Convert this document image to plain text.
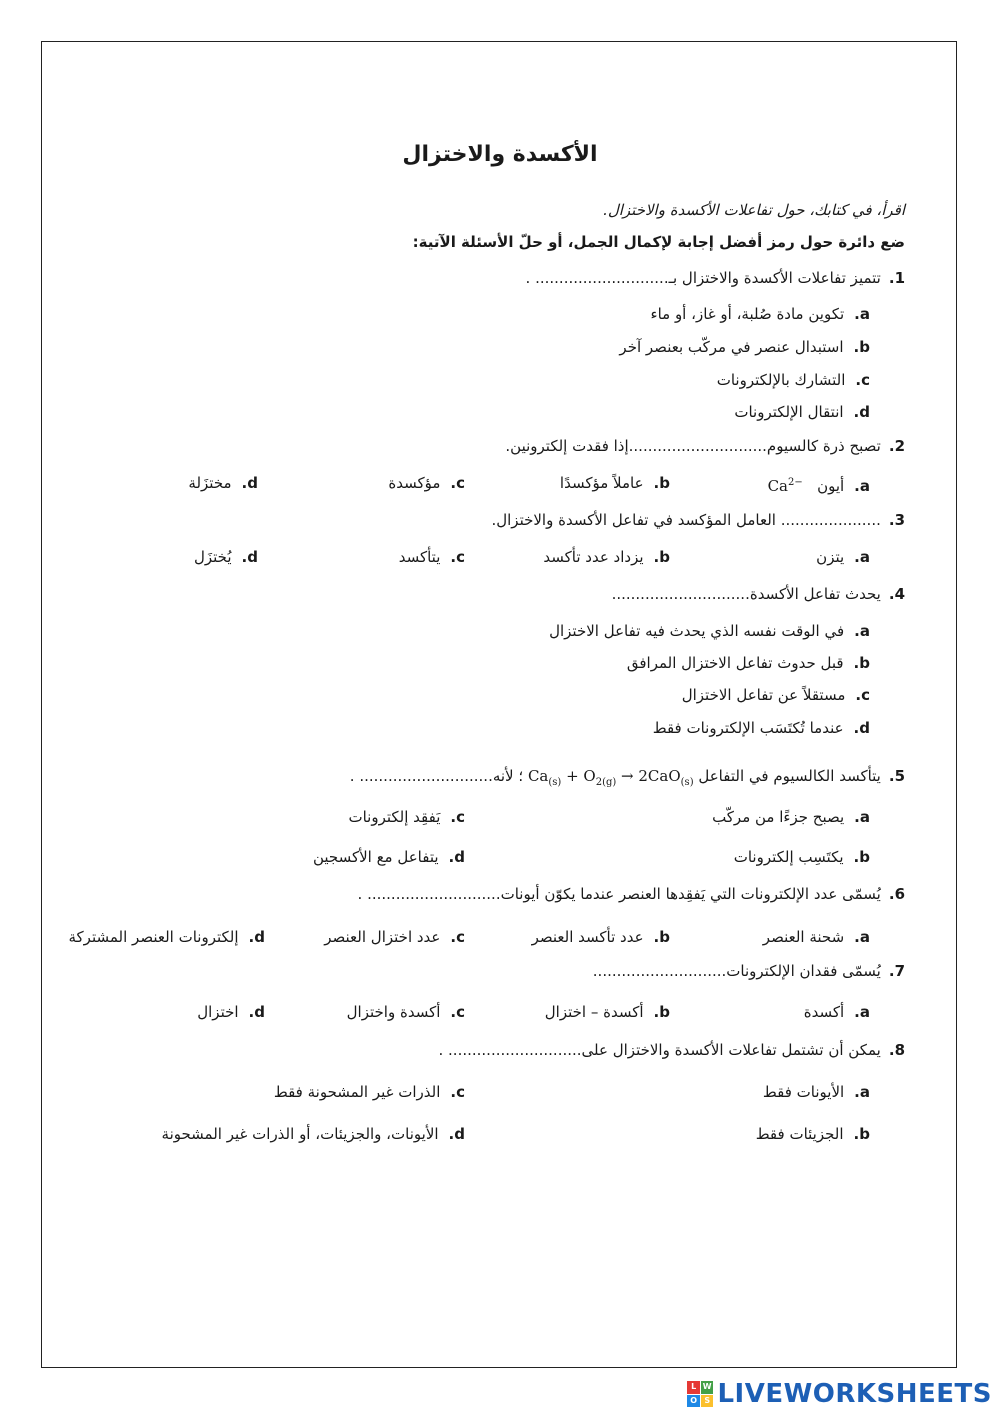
الأكسدة والاختزال
اقرأ، في كتابك، حول تفاعلات الأكسدة والاختزال.
ضع دائرة حول رمز أفضل إجابة لإكمال الجمل، أو حلّ الأسئلة الآتية:
1.تتميز تفاعلات الأكسدة والاختزال بـ............................ .
a.تكوين مادة صُلبة، أو غاز، أو ماء
b.استبدال عنصر في مركّب بعنصر آخر
c.التشارك بالإلكترونات
d.انتقال الإلكترونات
2.تصبح ذرة كالسيوم.............................إذا فقدت إلكترونين.
a.أيون   $Ca^{2-}$
b.عاملاً مؤكسدًا
c.مؤكسدة
d.مختزَلة
3...................... العامل المؤكسد في تفاعل الأكسدة والاختزال.
a.يتزن
b.يزداد عدد تأكسد
c.يتأكسد
d.يُختزَل
4.يحدث تفاعل الأكسدة.............................
a.في الوقت نفسه الذي يحدث فيه تفاعل الاختزال
b.قبل حدوث تفاعل الاختزال المرافق
c.مستقلاً عن تفاعل الاختزال
d.عندما تُكتَسَب الإلكترونات فقط
5.يتأكسد الكالسيوم في التفاعل $Ca_{(s)} + O_{2(g)} \to 2CaO_{(s)}$ ؛ لأنه............................ .
a.يصبح جزءًا من مركّب
b.يكتَسِب إلكترونات
c.يَفقِد إلكترونات
d.يتفاعل مع الأكسجين
6.يُسمّى عدد الإلكترونات التي يَفقِدها العنصر عندما يكوّن أيونات............................ .
a.شحنة العنصر
b.عدد تأكسد العنصر
c.عدد اختزال العنصر
d.إلكترونات العنصر المشتركة
7.يُسمّى فقدان الإلكترونات............................
a.أكسدة
b.أكسدة – اختزال
c.أكسدة واختزال
d.اختزال
8.يمكن أن تشتمل تفاعلات الأكسدة والاختزال على............................ .
a.الأيونات فقط
b.الجزيئات فقط
c.الذرات غير المشحونة فقط
d.الأيونات، والجزيئات، أو الذرات غير المشحونة
L W
O S LIVEWORKSHEETS
